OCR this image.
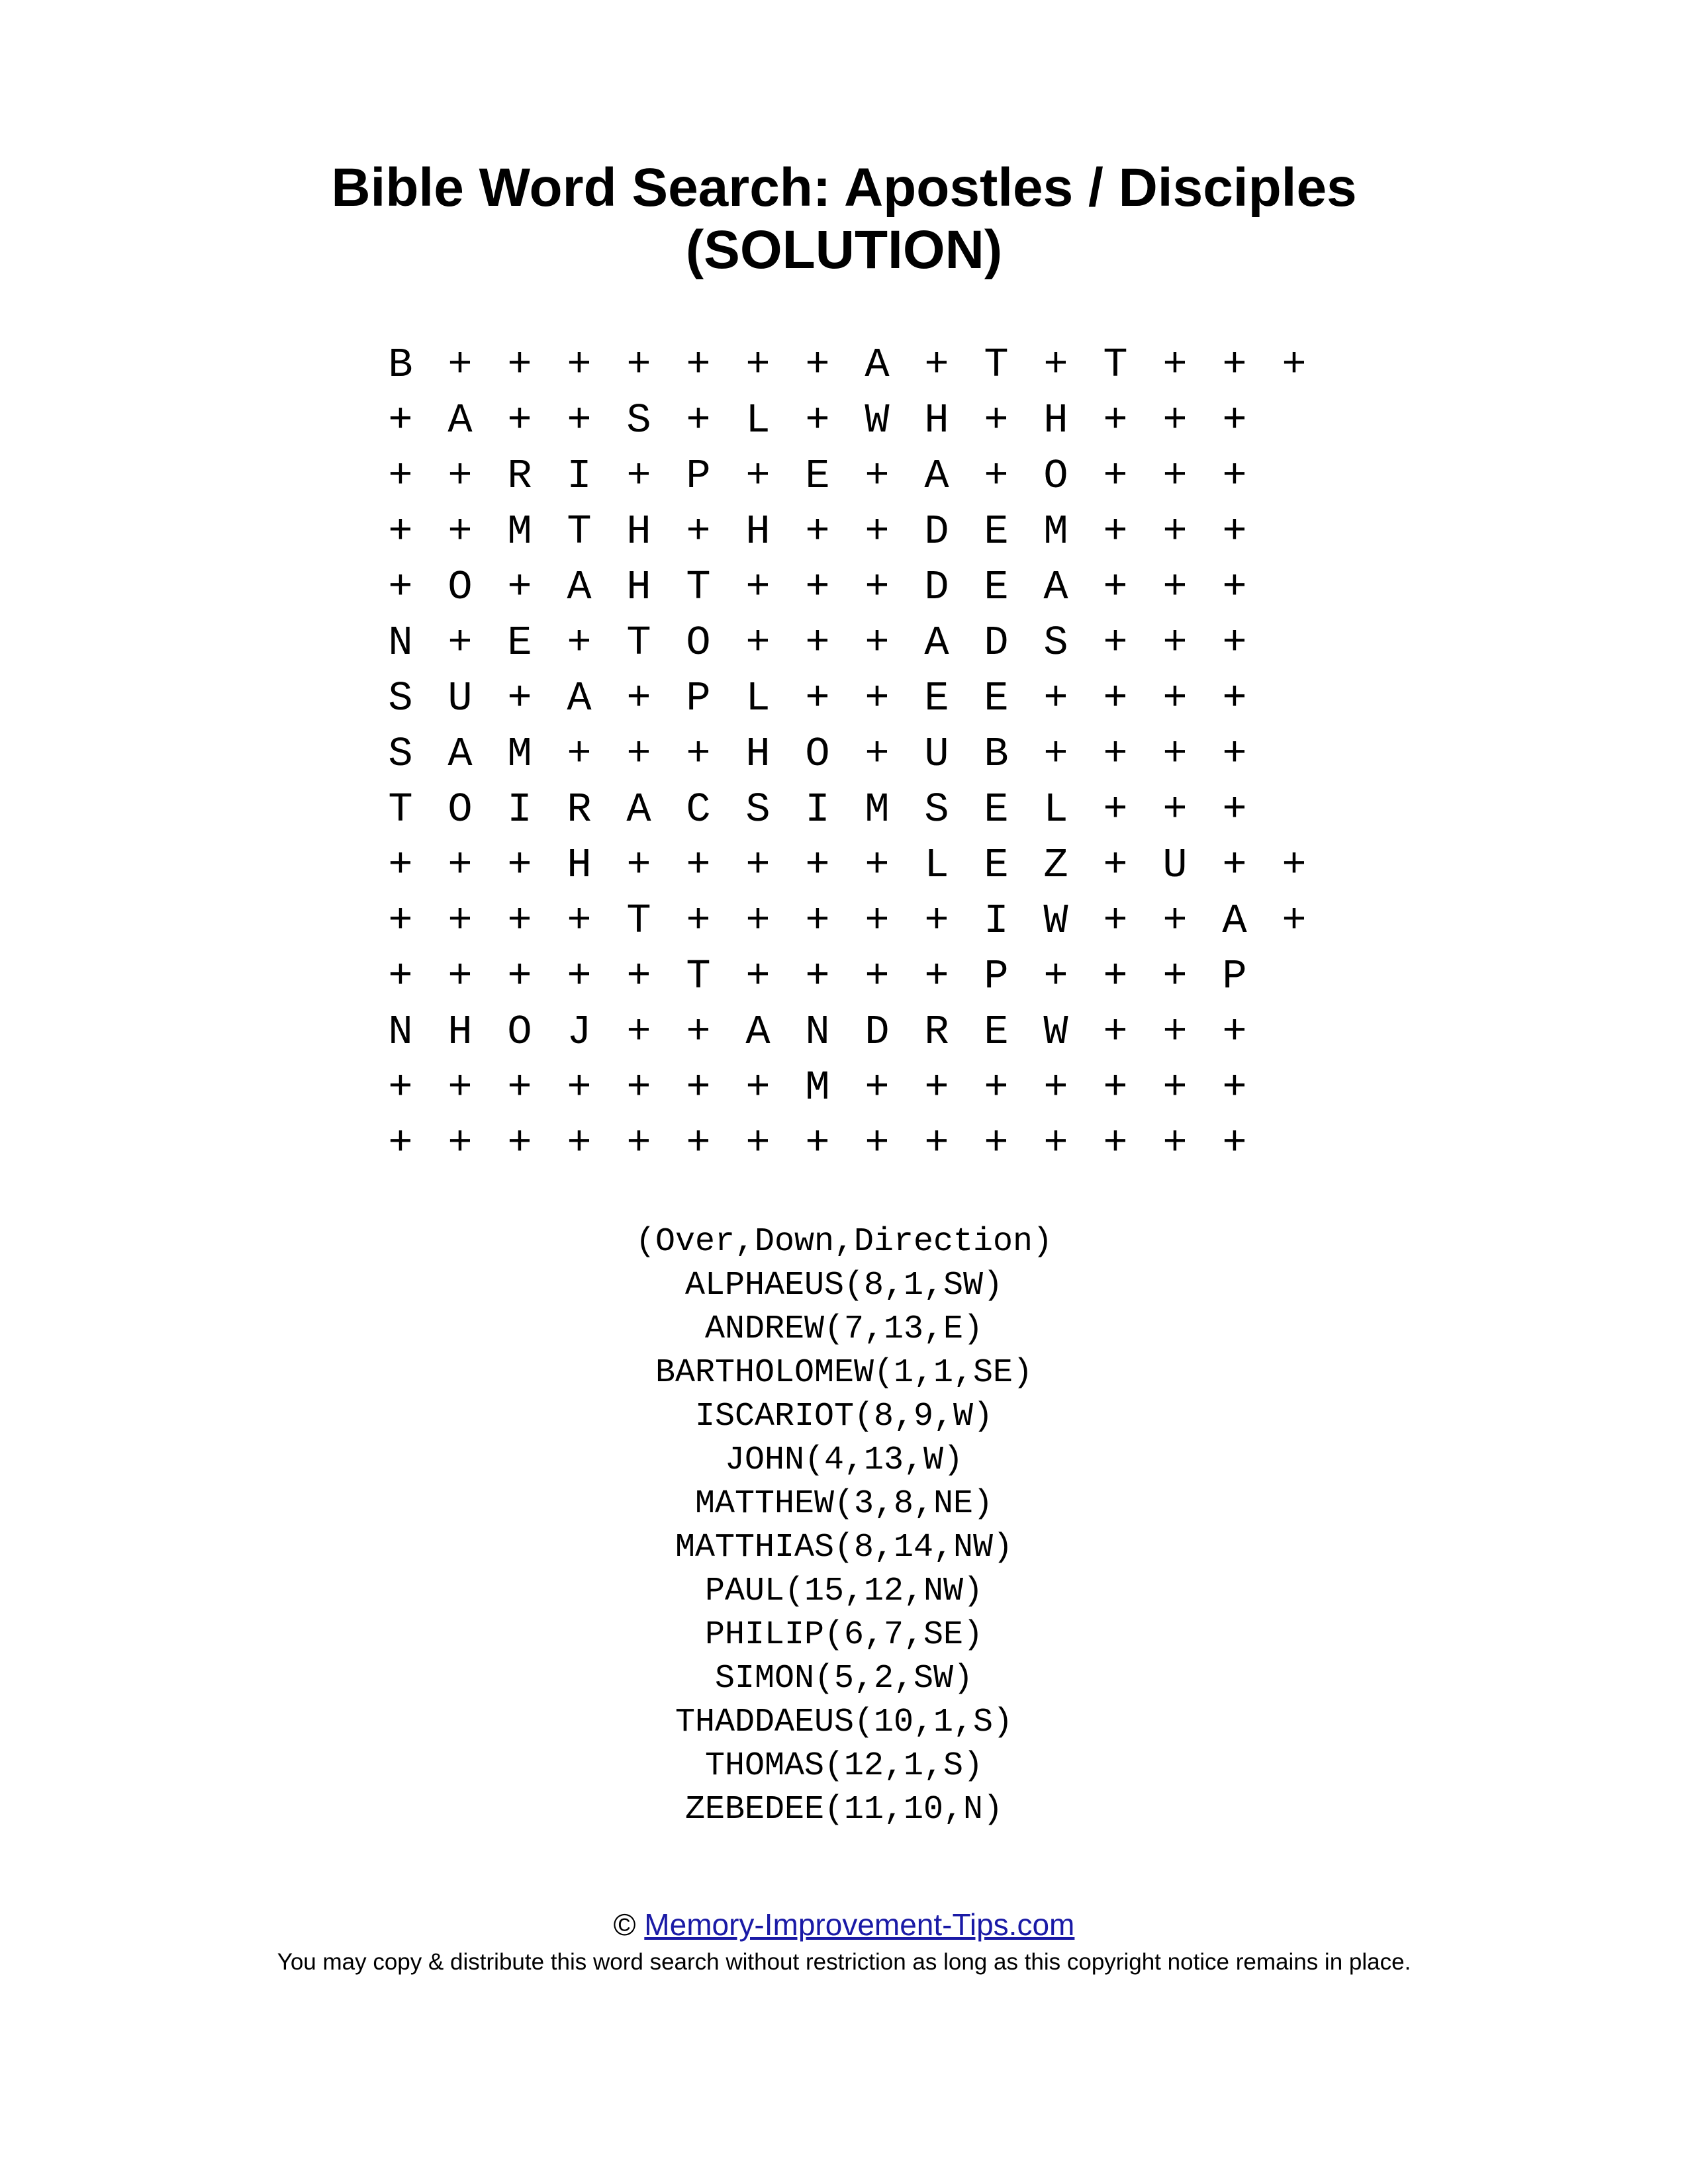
Bible Word Search: Apostles / Disciples
(SOLUTION)
B + + + + + + + A + T + T + + +
+ A + + S + L + W H + H + + +
+ + R I + P + E + A + O + + +
+ + M T H + H + + D E M + + +
+ O + A H T + + + D E A + + +
N + E + T O + + + A D S + + +
S U + A + P L + + E E + + + +
S A M + + + H O + U B + + + +
T O I R A C S I M S E L + + +
+ + + H + + + + + L E Z + U + +
+ + + + T + + + + + I W + + A +
+ + + + + T + + + + P + + + P
N H O J + + A N D R E W + + +
+ + + + + + + M + + + + + + +
+ + + + + + + + + + + + + + +
(Over,Down,Direction)
ALPHAEUS(8,1,SW)
ANDREW(7,13,E)
BARTHOLOMEW(1,1,SE)
ISCARIOT(8,9,W)
JOHN(4,13,W)
MATTHEW(3,8,NE)
MATTHIAS(8,14,NW)
PAUL(15,12,NW)
PHILIP(6,7,SE)
SIMON(5,2,SW)
THADDAEUS(10,1,S)
THOMAS(12,1,S)
ZEBEDEE(11,10,N)
© Memory-Improvement-Tips.com
You may copy & distribute this word search without restriction as long as this copyright notice remains in place.
